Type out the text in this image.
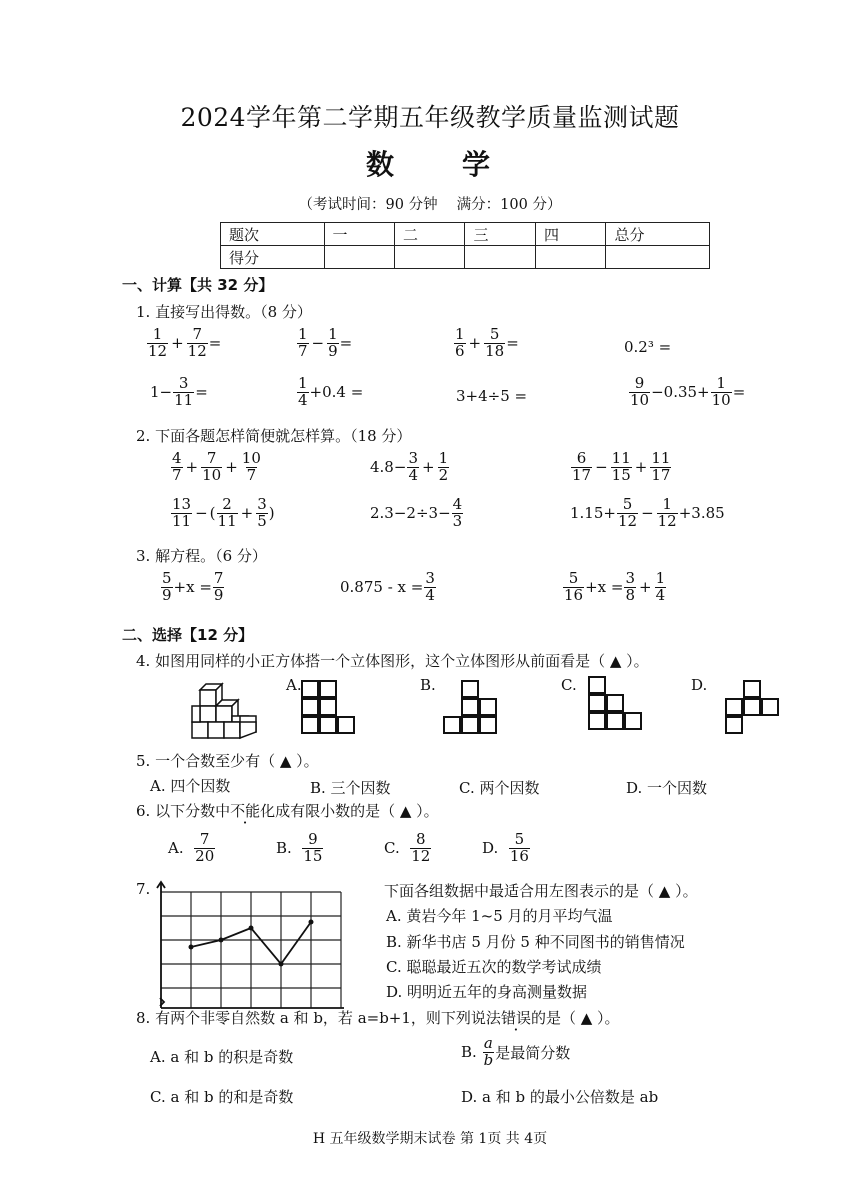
2024学年第二学期五年级教学质量监测试题
数　　学
（考试时间：90 分钟　 满分：100 分）
题次	一	二	三	四	总分
得分					
一、计算【共 32 分】
1. 直接写出得数。（8 分）
$\frac{1}{12} + \frac{7}{12}$ =	$\frac{1}{7} - \frac{1}{9}$ =	$\frac{1}{6} + \frac{5}{18}$ =	0.2³ =
$1- \frac{3}{11}$ =	$\frac{1}{4} +0.4$ =	3+4÷5 =	$\frac{9}{10} -0.35+ \frac{1}{10}$ =
2. 下面各题怎样简便就怎样算。（18 分）
$\frac{4}{7} + \frac{7}{10} + \frac{10}{7}$	$4.8- \frac{3}{4} + \frac{1}{2}$	$\frac{6}{17} - \frac{11}{15} + \frac{11}{17}$
$\frac{13}{11}$ − ( $\frac{2}{11} + \frac{3}{5}$ )	$2.3-2\div 3- \frac{4}{3}$	$1.15+ \frac{5}{12} - \frac{1}{12} +3.85$
3. 解方程。（6 分）
$\frac{5}{9} +x = \frac{7}{9}$	$0.875 - x = \frac{3}{4}$	$\frac{5}{16} +x = \frac{3}{8} + \frac{1}{4}$
二、选择【12 分】
4. 如图用同样的小正方体搭一个立体图形，这个立体图形从前面看是（ ▲ ）。
A.	B.	C.	D.
5. 一个合数至少有（ ▲ ）。
A. 四个因数	B. 三个因数	C. 两个因数	D. 一个因数
6. 以下分数中不能化成有限小数的是（ ▲ ）。
A.
$\frac{7}{20}$	B.
$\frac{9}{15}$	C.
$\frac{8}{12}$	D.
$\frac{5}{16}$
7.	下面各组数据中最适合用左图表示的是（ ▲ ）。
A. 黄岩今年 1~5 月的月平均气温
B. 新华书店 5 月份 5 种不同图书的销售情况
C. 聪聪最近五次的数学考试成绩
D. 明明近五年的身高测量数据
8. 有两个非零自然数 a 和 b，若 a=b+1，则下列说法错误的是（ ▲ ）。
A. a 和 b 的积是奇数	B.
$\frac{a}{b}$ 是最简分数
C. a 和 b 的和是奇数	D. a 和 b 的最小公倍数是 ab
H 五年级数学期末试卷 第 1页 共 4页
